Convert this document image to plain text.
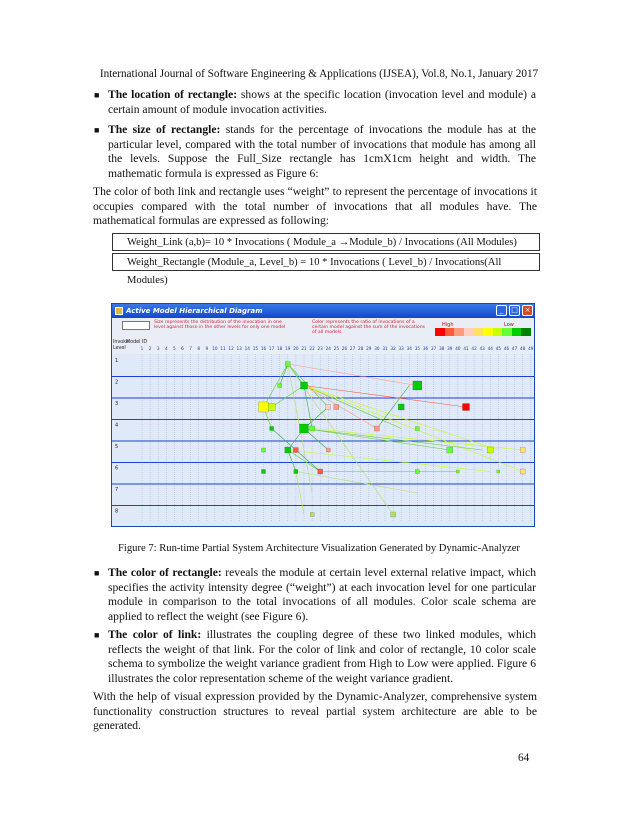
International Journal of Software Engineering & Applications (IJSEA), Vol.8, No.1, January 2017
■ The location of rectangle: shows at the specific location (invocation level and module) a certain amount of module invocation activities.
■ The size of rectangle: stands for the percentage of invocations the module has at the particular level, compared with the total number of invocations that module has among all the levels. Suppose the Full_Size rectangle has 1cmX1cm height and width. The mathematic formula is expressed as Figure 6:
The color of both link and rectangle uses “weight” to represent the percentage of invocations it occupies compared with the total number of invocations that all modules have. The mathematical formulas are expressed as following:
Weight_Link (a,b)= 10 * Invocations ( Module_a →Module_b) / Invocations (All Modules)
Weight_Rectangle (Module_a, Level_b) = 10 * Invocations ( Level_b) / Invocations(All Modules)
Active Model Hierarchical Diagram	_	□ ×
Size represents the distribution of the invocation in one level against those in the other levels for only one model
Color represents the ratio of invocations of a certain model against the sum of the invocations of all models
High	Low
Invoke
Model ID
Level	1	2	3	4	5	6	7	8	9 10 11 12 13 14 15 16 17 18 19 20 21 22 23 24 25 26 27 28 29 30 31 32 33 34 35 36 37 38 39 40 41 42 43 44 45 46 47 48 49
1
2
3
4
5
6
7
8
Figure 7: Run-time Partial System Architecture Visualization Generated by Dynamic-Analyzer
■ The color of rectangle: reveals the module at certain level external relative impact, which specifies the activity intensity degree (“weight”) at each invocation level for one particular module in comparison to the total invocations of all modules. Color scale schema are applied to reflect the weight (see Figure 6).
■ The color of link: illustrates the coupling degree of these two linked modules, which reflects the weight of that link. For the color of link and color of rectangle, 10 color scale schema to symbolize the weight variance gradient from High to Low were applied. Figure 6 illustrates the color representation scheme of the weight variance gradient.
With the help of visual expression provided by the Dynamic-Analyzer, comprehensive system functionality construction structures to reveal partial system architecture are able to be generated.
64
